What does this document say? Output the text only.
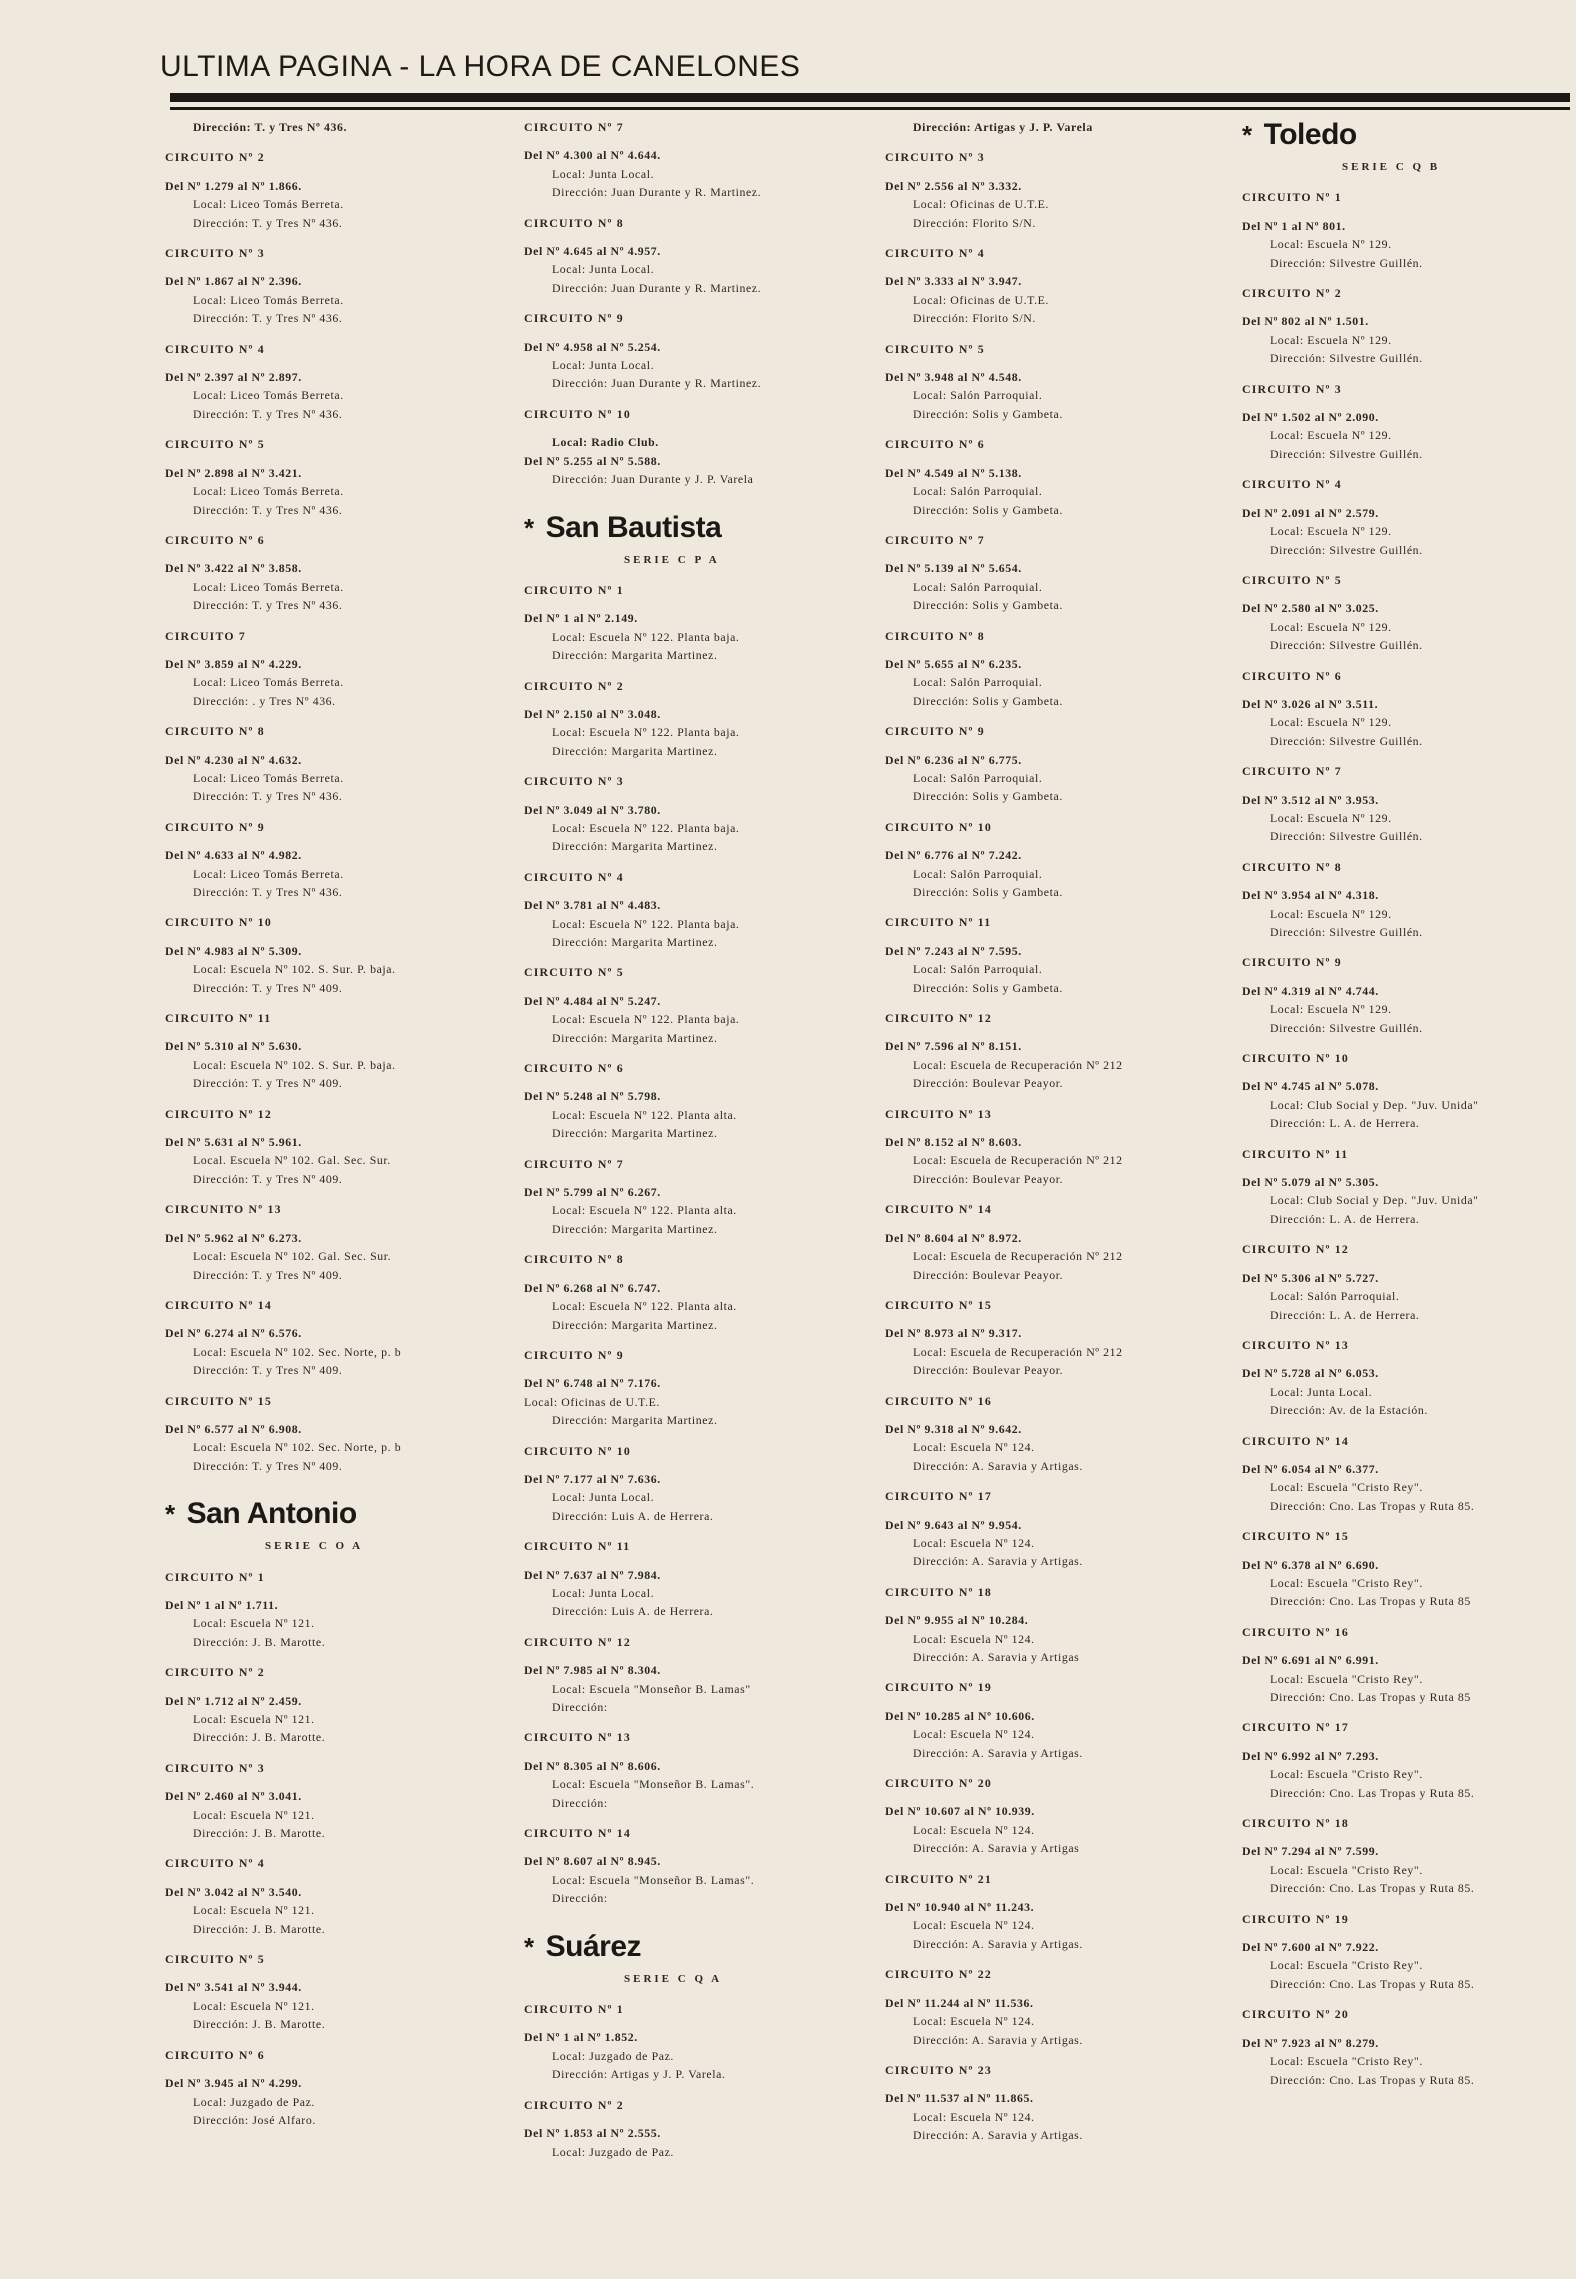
ULTIMA PAGINA - LA HORA DE CANELONES
Dirección: T. y Tres Nº 436.
CIRCUITO Nº 2
Del Nº 1.279 al Nº 1.866.
Local: Liceo Tomás Berreta.
Dirección: T. y Tres Nº 436.
CIRCUITO Nº 3
Del Nº 1.867 al Nº 2.396.
Local: Liceo Tomás Berreta.
Dirección: T. y Tres Nº 436.
CIRCUITO Nº 4
Del Nº 2.397 al Nº 2.897.
Local: Liceo Tomás Berreta.
Dirección: T. y Tres Nº 436.
CIRCUITO Nº 5
Del Nº 2.898 al Nº 3.421.
Local: Liceo Tomás Berreta.
Dirección: T. y Tres Nº 436.
CIRCUITO Nº 6
Del Nº 3.422 al Nº 3.858.
Local: Liceo Tomás Berreta.
Dirección: T. y Tres Nº 436.
CIRCUITO 7
Del Nº 3.859 al Nº 4.229.
Local: Liceo Tomás Berreta.
Dirección: . y Tres Nº 436.
CIRCUITO Nº 8
Del Nº 4.230 al Nº 4.632.
Local: Liceo Tomás Berreta.
Dirección: T. y Tres Nº 436.
CIRCUITO Nº 9
Del Nº 4.633 al Nº 4.982.
Local: Liceo Tomás Berreta.
Dirección: T. y Tres Nº 436.
CIRCUITO Nº 10
Del Nº 4.983 al Nº 5.309.
Local: Escuela Nº 102. S. Sur. P. baja.
Dirección: T. y Tres Nº 409.
CIRCUITO Nº 11
Del Nº 5.310 al Nº 5.630.
Local: Escuela Nº 102. S. Sur. P. baja.
Dirección: T. y Tres Nº 409.
CIRCUITO Nº 12
Del Nº 5.631 al Nº 5.961.
Local. Escuela Nº 102. Gal. Sec. Sur.
Dirección: T. y Tres Nº 409.
CIRCUNITO Nº 13
Del Nº 5.962 al Nº 6.273.
Local: Escuela Nº 102. Gal. Sec. Sur.
Dirección: T. y Tres Nº 409.
CIRCUITO Nº 14
Del Nº 6.274 al Nº 6.576.
Local: Escuela Nº 102. Sec. Norte, p. b
Dirección: T. y Tres Nº 409.
CIRCUITO Nº 15
Del Nº 6.577 al Nº 6.908.
Local: Escuela Nº 102. Sec. Norte, p. b
Dirección: T. y Tres Nº 409.
* San Antonio
SERIE C O A
CIRCUITO Nº 1
Del Nº 1 al Nº 1.711.
Local: Escuela Nº 121.
Dirección: J. B. Marotte.
CIRCUITO Nº 2
Del Nº 1.712 al Nº 2.459.
Local: Escuela Nº 121.
Dirección: J. B. Marotte.
CIRCUITO Nº 3
Del Nº 2.460 al Nº 3.041.
Local: Escuela Nº 121.
Dirección: J. B. Marotte.
CIRCUITO Nº 4
Del Nº 3.042 al Nº 3.540.
Local: Escuela Nº 121.
Dirección: J. B. Marotte.
CIRCUITO Nº 5
Del Nº 3.541 al Nº 3.944.
Local: Escuela Nº 121.
Dirección: J. B. Marotte.
CIRCUITO Nº 6
Del Nº 3.945 al Nº 4.299.
Local: Juzgado de Paz.
Dirección: José Alfaro.
CIRCUITO Nº 7
Del Nº 4.300 al Nº 4.644.
Local: Junta Local.
Dirección: Juan Durante y R. Martinez.
CIRCUITO Nº 8
Del Nº 4.645 al Nº 4.957.
Local: Junta Local.
Dirección: Juan Durante y R. Martinez.
CIRCUITO Nº 9
Del Nº 4.958 al Nº 5.254.
Local: Junta Local.
Dirección: Juan Durante y R. Martinez.
CIRCUITO Nº 10
Local: Radio Club.
Del Nº 5.255 al Nº 5.588.
Dirección: Juan Durante y J. P. Varela
* San Bautista
SERIE C P A
CIRCUITO Nº 1
Del Nº 1 al Nº 2.149.
Local: Escuela Nº 122. Planta baja.
Dirección: Margarita Martinez.
CIRCUITO Nº 2
Del Nº 2.150 al Nº 3.048.
Local: Escuela Nº 122. Planta baja.
Dirección: Margarita Martinez.
CIRCUITO Nº 3
Del Nº 3.049 al Nº 3.780.
Local: Escuela Nº 122. Planta baja.
Dirección: Margarita Martinez.
CIRCUITO Nº 4
Del Nº 3.781 al Nº 4.483.
Local: Escuela Nº 122. Planta baja.
Dirección: Margarita Martinez.
CIRCUITO Nº 5
Del Nº 4.484 al Nº 5.247.
Local: Escuela Nº 122. Planta baja.
Dirección: Margarita Martinez.
CIRCUITO Nº 6
Del Nº 5.248 al Nº 5.798.
Local: Escuela Nº 122. Planta alta.
Dirección: Margarita Martinez.
CIRCUITO Nº 7
Del Nº 5.799 al Nº 6.267.
Local: Escuela Nº 122. Planta alta.
Dirección: Margarita Martinez.
CIRCUITO Nº 8
Del Nº 6.268 al Nº 6.747.
Local: Escuela Nº 122. Planta alta.
Dirección: Margarita Martinez.
CIRCUITO Nº 9
Del Nº 6.748 al Nº 7.176.
Local: Oficinas de U.T.E.
Dirección: Margarita Martinez.
CIRCUITO Nº 10
Del Nº 7.177 al Nº 7.636.
Local: Junta Local.
Dirección: Luis A. de Herrera.
CIRCUITO Nº 11
Del Nº 7.637 al Nº 7.984.
Local: Junta Local.
Dirección: Luis A. de Herrera.
CIRCUITO Nº 12
Del Nº 7.985 al Nº 8.304.
Local: Escuela "Monseñor B. Lamas"
Dirección:
CIRCUITO Nº 13
Del Nº 8.305 al Nº 8.606.
Local: Escuela "Monseñor B. Lamas".
Dirección:
CIRCUITO Nº 14
Del Nº 8.607 al Nº 8.945.
Local: Escuela "Monseñor B. Lamas".
Dirección:
* Suárez
SERIE C Q A
CIRCUITO Nº 1
Del Nº 1 al Nº 1.852.
Local: Juzgado de Paz.
Dirección: Artigas y J. P. Varela.
CIRCUITO Nº 2
Del Nº 1.853 al Nº 2.555.
Local: Juzgado de Paz.
Dirección: Artigas y J. P. Varela
CIRCUITO Nº 3
Del Nº 2.556 al Nº 3.332.
Local: Oficinas de U.T.E.
Dirección: Florito S/N.
CIRCUITO Nº 4
Del Nº 3.333 al Nº 3.947.
Local: Oficinas de U.T.E.
Dirección: Florito S/N.
CIRCUITO Nº 5
Del Nº 3.948 al Nº 4.548.
Local: Salón Parroquial.
Dirección: Solis y Gambeta.
CIRCUITO Nº 6
Del Nº 4.549 al Nº 5.138.
Local: Salón Parroquial.
Dirección: Solis y Gambeta.
CIRCUITO Nº 7
Del Nº 5.139 al Nº 5.654.
Local: Salón Parroquial.
Dirección: Solis y Gambeta.
CIRCUITO Nº 8
Del Nº 5.655 al Nº 6.235.
Local: Salón Parroquial.
Dirección: Solis y Gambeta.
CIRCUITO Nº 9
Del Nº 6.236 al Nº 6.775.
Local: Salón Parroquial.
Dirección: Solis y Gambeta.
CIRCUITO Nº 10
Del Nº 6.776 al Nº 7.242.
Local: Salón Parroquial.
Dirección: Solis y Gambeta.
CIRCUITO Nº 11
Del Nº 7.243 al Nº 7.595.
Local: Salón Parroquial.
Dirección: Solis y Gambeta.
CIRCUITO Nº 12
Del Nº 7.596 al Nº 8.151.
Local: Escuela de Recuperación Nº 212
Dirección: Boulevar Peayor.
CIRCUITO Nº 13
Del Nº 8.152 al Nº 8.603.
Local: Escuela de Recuperación Nº 212
Dirección: Boulevar Peayor.
CIRCUITO Nº 14
Del Nº 8.604 al Nº 8.972.
Local: Escuela de Recuperación Nº 212
Dirección: Boulevar Peayor.
CIRCUITO Nº 15
Del Nº 8.973 al Nº 9.317.
Local: Escuela de Recuperación Nº 212
Dirección: Boulevar Peayor.
CIRCUITO Nº 16
Del Nº 9.318 al Nº 9.642.
Local: Escuela Nº 124.
Dirección: A. Saravia y Artigas.
CIRCUITO Nº 17
Del Nº 9.643 al Nº 9.954.
Local: Escuela Nº 124.
Dirección: A. Saravia y Artigas.
CIRCUITO Nº 18
Del Nº 9.955 al Nº 10.284.
Local: Escuela Nº 124.
Dirección: A. Saravia y Artigas
CIRCUITO Nº 19
Del Nº 10.285 al Nº 10.606.
Local: Escuela Nº 124.
Dirección: A. Saravia y Artigas.
CIRCUITO Nº 20
Del Nº 10.607 al Nº 10.939.
Local: Escuela Nº 124.
Dirección: A. Saravia y Artigas
CIRCUITO Nº 21
Del Nº 10.940 al Nº 11.243.
Local: Escuela Nº 124.
Dirección: A. Saravia y Artigas.
CIRCUITO Nº 22
Del Nº 11.244 al Nº 11.536.
Local: Escuela Nº 124.
Dirección: A. Saravia y Artigas.
CIRCUITO Nº 23
Del Nº 11.537 al Nº 11.865.
Local: Escuela Nº 124.
Dirección: A. Saravia y Artigas.
* Toledo
SERIE C Q B
CIRCUITO Nº 1
Del Nº 1 al Nº 801.
Local: Escuela Nº 129.
Dirección: Silvestre Guillén.
CIRCUITO Nº 2
Del Nº 802 al Nº 1.501.
Local: Escuela Nº 129.
Dirección: Silvestre Guillén.
CIRCUITO Nº 3
Del Nº 1.502 al Nº 2.090.
Local: Escuela Nº 129.
Dirección: Silvestre Guillén.
CIRCUITO Nº 4
Del Nº 2.091 al Nº 2.579.
Local: Escuela Nº 129.
Dirección: Silvestre Guillén.
CIRCUITO Nº 5
Del Nº 2.580 al Nº 3.025.
Local: Escuela Nº 129.
Dirección: Silvestre Guillén.
CIRCUITO Nº 6
Del Nº 3.026 al Nº 3.511.
Local: Escuela Nº 129.
Dirección: Silvestre Guillén.
CIRCUITO Nº 7
Del Nº 3.512 al Nº 3.953.
Local: Escuela Nº 129.
Dirección: Silvestre Guillén.
CIRCUITO Nº 8
Del Nº 3.954 al Nº 4.318.
Local: Escuela Nº 129.
Dirección: Silvestre Guillén.
CIRCUITO Nº 9
Del Nº 4.319 al Nº 4.744.
Local: Escuela Nº 129.
Dirección: Silvestre Guillén.
CIRCUITO Nº 10
Del Nº 4.745 al Nº 5.078.
Local: Club Social y Dep. "Juv. Unida"
Dirección: L. A. de Herrera.
CIRCUITO Nº 11
Del Nº 5.079 al Nº 5.305.
Local: Club Social y Dep. "Juv. Unida"
Dirección: L. A. de Herrera.
CIRCUITO Nº 12
Del Nº 5.306 al Nº 5.727.
Local: Salón Parroquial.
Dirección: L. A. de Herrera.
CIRCUITO Nº 13
Del Nº 5.728 al Nº 6.053.
Local: Junta Local.
Dirección: Av. de la Estación.
CIRCUITO Nº 14
Del Nº 6.054 al Nº 6.377.
Local: Escuela "Cristo Rey".
Dirección: Cno. Las Tropas y Ruta 85.
CIRCUITO Nº 15
Del Nº 6.378 al Nº 6.690.
Local: Escuela "Cristo Rey".
Dirección: Cno. Las Tropas y Ruta 85
CIRCUITO Nº 16
Del Nº 6.691 al Nº 6.991.
Local: Escuela "Cristo Rey".
Dirección: Cno. Las Tropas y Ruta 85
CIRCUITO Nº 17
Del Nº 6.992 al Nº 7.293.
Local: Escuela "Cristo Rey".
Dirección: Cno. Las Tropas y Ruta 85.
CIRCUITO Nº 18
Del Nº 7.294 al Nº 7.599.
Local: Escuela "Cristo Rey".
Dirección: Cno. Las Tropas y Ruta 85.
CIRCUITO Nº 19
Del Nº 7.600 al Nº 7.922.
Local: Escuela "Cristo Rey".
Dirección: Cno. Las Tropas y Ruta 85.
CIRCUITO Nº 20
Del Nº 7.923 al Nº 8.279.
Local: Escuela "Cristo Rey".
Dirección: Cno. Las Tropas y Ruta 85.
